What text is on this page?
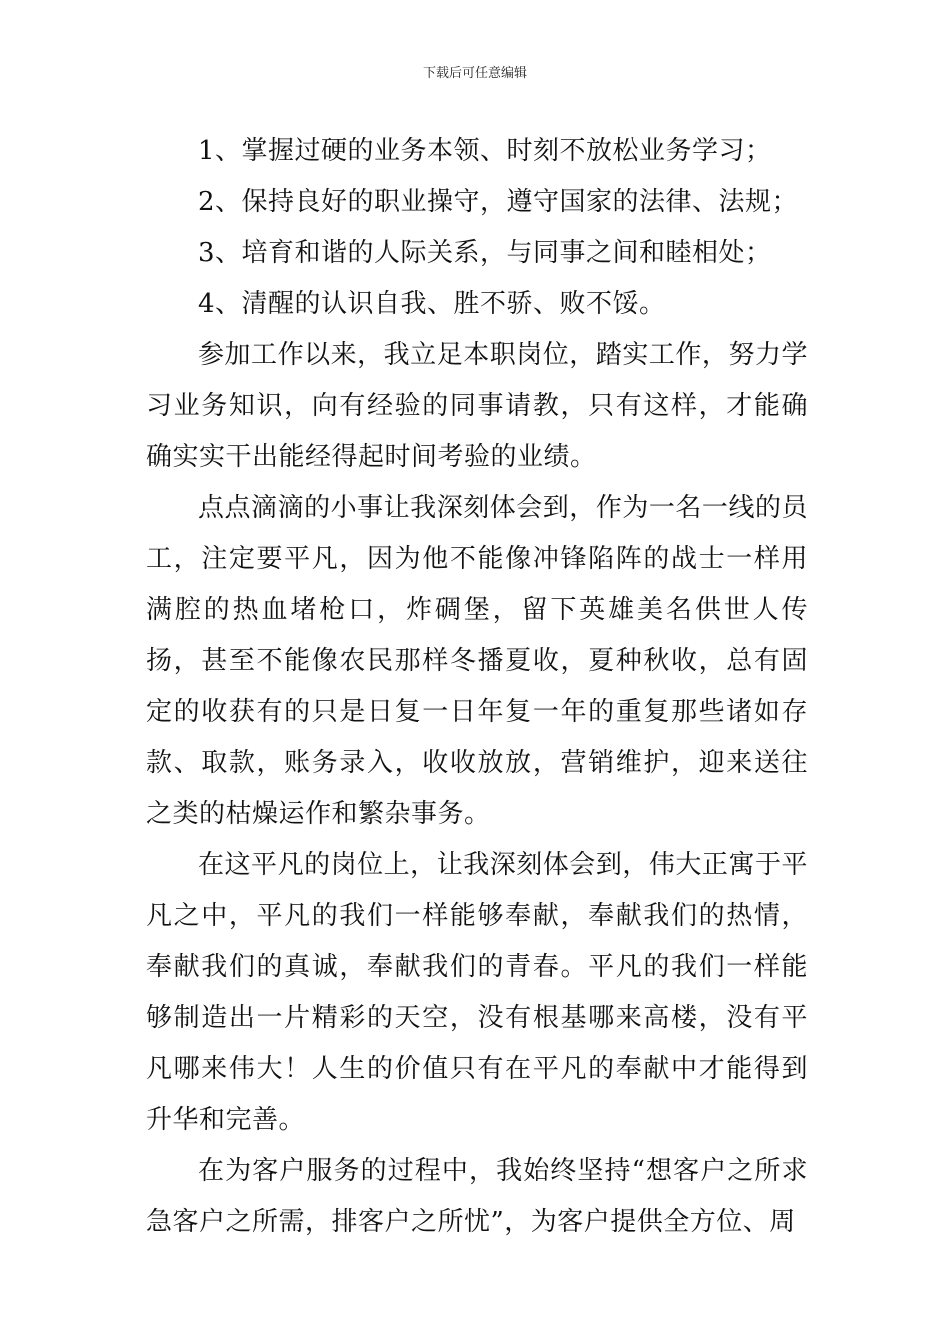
下载后可任意编辑

1、掌握过硬的业务本领、时刻不放松业务学习；

2、保持良好的职业操守，遵守国家的法律、法规；

3、培育和谐的人际关系，与同事之间和睦相处；

4、清醒的认识自我、胜不骄、败不馁。

参加工作以来，我立足本职岗位，踏实工作，努力学习业务知识，向有经验的同事请教，只有这样，才能确确实实干出能经得起时间考验的业绩。

点点滴滴的小事让我深刻体会到，作为一名一线的员工，注定要平凡，因为他不能像冲锋陷阵的战士一样用满腔的热血堵枪口，炸碉堡，留下英雄美名供世人传扬，甚至不能像农民那样冬播夏收，夏种秋收，总有固定的收获有的只是日复一日年复一年的重复那些诸如存款、取款，账务录入，收收放放，营销维护，迎来送往之类的枯燥运作和繁杂事务。

在这平凡的岗位上，让我深刻体会到，伟大正寓于平凡之中，平凡的我们一样能够奉献，奉献我们的热情，奉献我们的真诚，奉献我们的青春。平凡的我们一样能够制造出一片精彩的天空，没有根基哪来高楼，没有平凡哪来伟大！人生的价值只有在平凡的奉献中才能得到升华和完善。

在为客户服务的过程中，我始终坚持“想客户之所求急客户之所需，排客户之所忧”，为客户提供全方位、周
